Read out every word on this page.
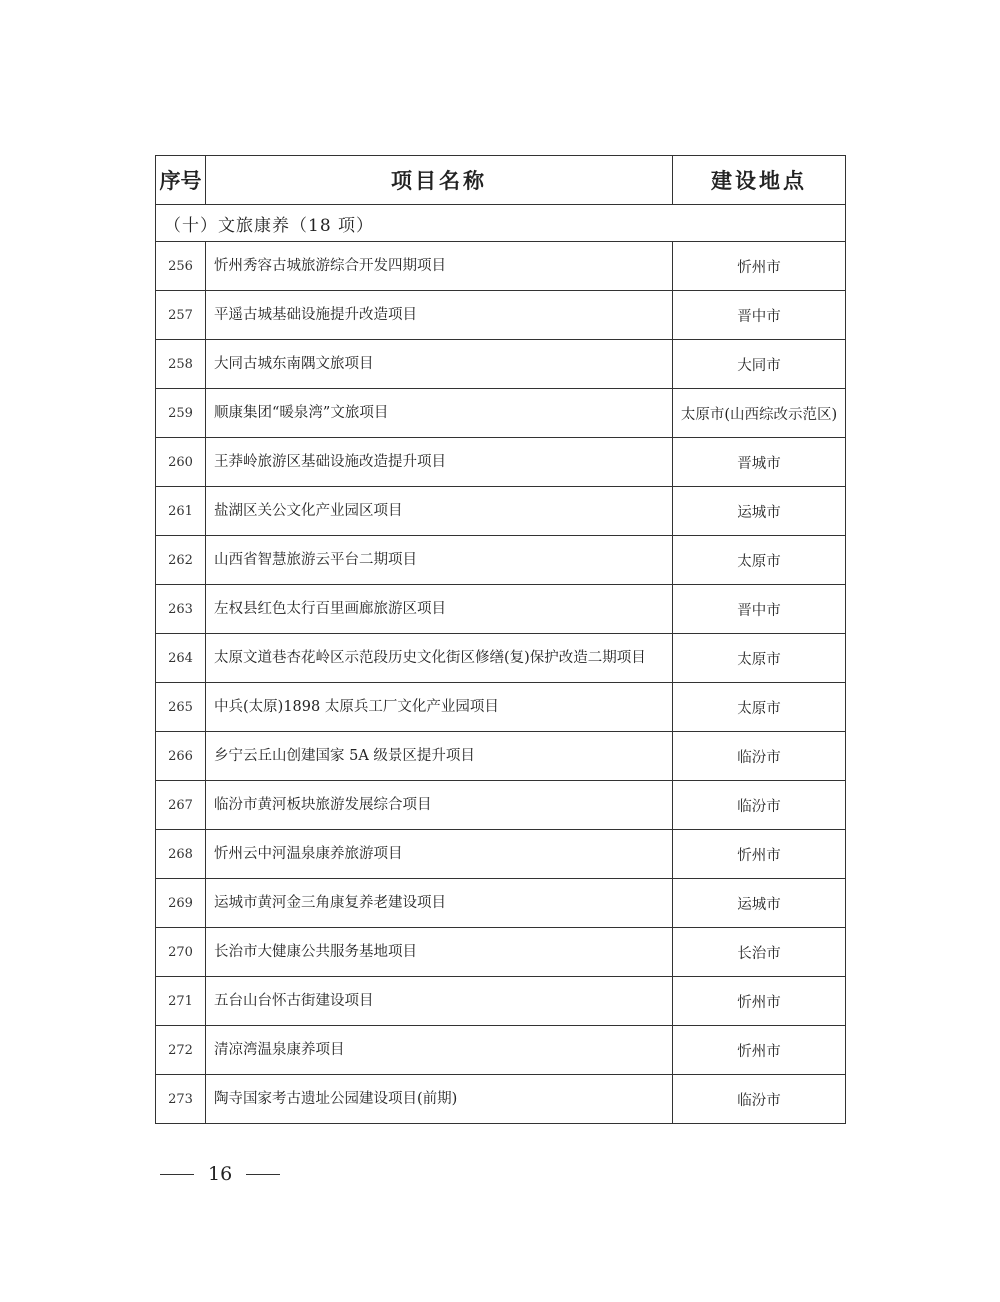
序号	项目名称	建设地点
（十）文旅康养（18 项）		
256	忻州秀容古城旅游综合开发四期项目	忻州市
257	平遥古城基础设施提升改造项目	晋中市
258	大同古城东南隅文旅项目	大同市
259	顺康集团“暖泉湾”文旅项目	太原市(山西综改示范区)
260	王莽岭旅游区基础设施改造提升项目	晋城市
261	盐湖区关公文化产业园区项目	运城市
262	山西省智慧旅游云平台二期项目	太原市
263	左权县红色太行百里画廊旅游区项目	晋中市
264	太原文道巷杏花岭区示范段历史文化街区修缮(复)保护改造二期项目	太原市
265	中兵(太原)1898 太原兵工厂文化产业园项目	太原市
266	乡宁云丘山创建国家 5A 级景区提升项目	临汾市
267	临汾市黄河板块旅游发展综合项目	临汾市
268	忻州云中河温泉康养旅游项目	忻州市
269	运城市黄河金三角康复养老建设项目	运城市
270	长治市大健康公共服务基地项目	长治市
271	五台山台怀古街建设项目	忻州市
272	清凉湾温泉康养项目	忻州市
273	陶寺国家考古遗址公园建设项目(前期)	临汾市
16
